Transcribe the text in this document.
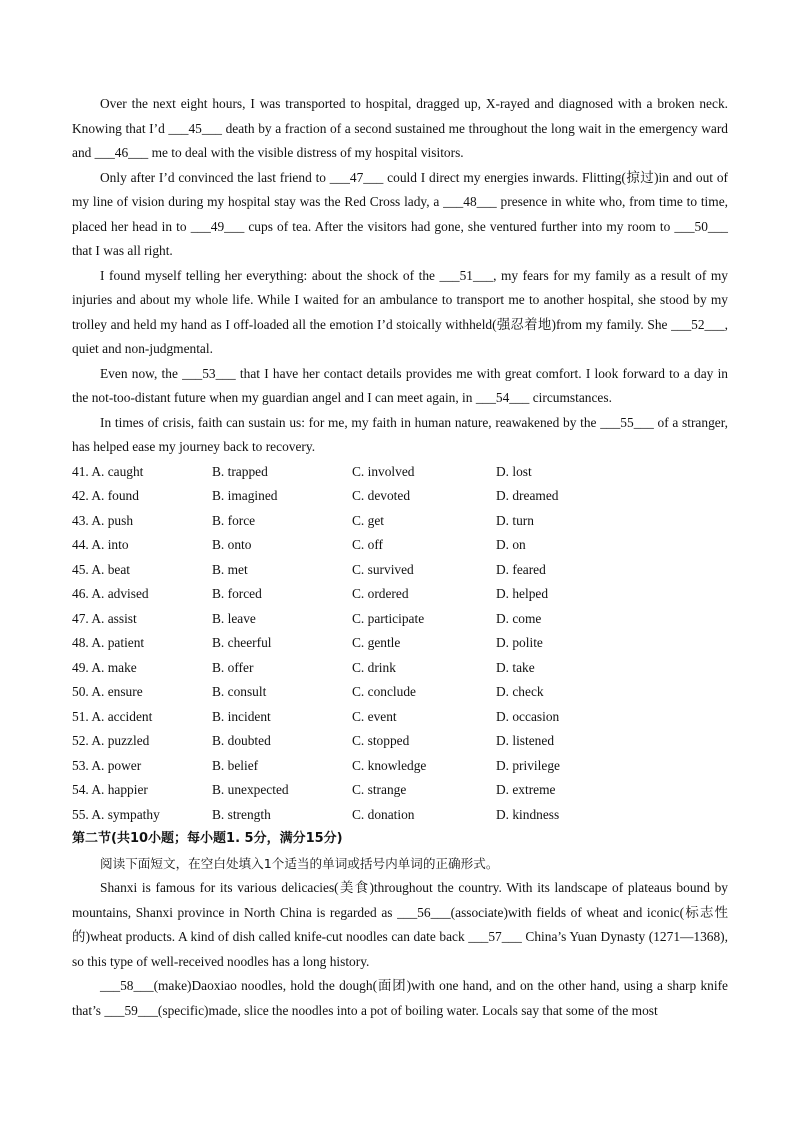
Over the next eight hours, I was transported to hospital, dragged up, X-rayed and diagnosed with a broken neck. Knowing that I’d ___45___ death by a fraction of a second sustained me throughout the long wait in the emergency ward and ___46___ me to deal with the visible distress of my hospital visitors.

Only after I’d convinced the last friend to ___47___ could I direct my energies inwards. Flitting(掠过)in and out of my line of vision during my hospital stay was the Red Cross lady, a ___48___ presence in white who, from time to time, placed her head in to ___49___ cups of tea. After the visitors had gone, she ventured further into my room to ___50___ that I was all right.

I found myself telling her everything: about the shock of the ___51___, my fears for my family as a result of my injuries and about my whole life. While I waited for an ambulance to transport me to another hospital, she stood by my trolley and held my hand as I off-loaded all the emotion I’d stoically withheld(强忍着地)from my family. She ___52___, quiet and non-judgmental.

Even now, the ___53___ that I have her contact details provides me with great comfort. I look forward to a day in the not-too-distant future when my guardian angel and I can meet again, in ___54___ circumstances.

In times of crisis, faith can sustain us: for me, my faith in human nature, reawakened by the ___55___ of a stranger, has helped ease my journey back to recovery.

41. A. caught	B. trapped	C. involved	D. lost
42. A. found	B. imagined	C. devoted	D. dreamed
43. A. push	B. force	C. get	D. turn
44. A. into	B. onto	C. off	D. on
45. A. beat	B. met	C. survived	D. feared
46. A. advised	B. forced	C. ordered	D. helped
47. A. assist	B. leave	C. participate	D. come
48. A. patient	B. cheerful	C. gentle	D. polite
49. A. make	B. offer	C. drink	D. take
50. A. ensure	B. consult	C. conclude	D. check
51. A. accident	B. incident	C. event	D. occasion
52. A. puzzled	B. doubted	C. stopped	D. listened
53. A. power	B. belief	C. knowledge	D. privilege
54. A. happier	B. unexpected	C. strange	D. extreme
55. A. sympathy	B. strength	C. donation	D. kindness

第二节(共10小题；每小题1. 5分，满分15分)

阅读下面短文，在空白处填入1个适当的单词或括号内单词的正确形式。

Shanxi is famous for its various delicacies(美食)throughout the country. With its landscape of plateaus bound by mountains, Shanxi province in North China is regarded as ___56___(associate)with fields of wheat and iconic(标志性的)wheat products. A kind of dish called knife-cut noodles can date back ___57___ China’s Yuan Dynasty (1271—1368), so this type of well-received noodles has a long history.

___58___(make)Daoxiao noodles, hold the dough(面团)with one hand, and on the other hand, using a sharp knife that’s ___59___(specific)made, slice the noodles into a pot of boiling water. Locals say that some of the most
